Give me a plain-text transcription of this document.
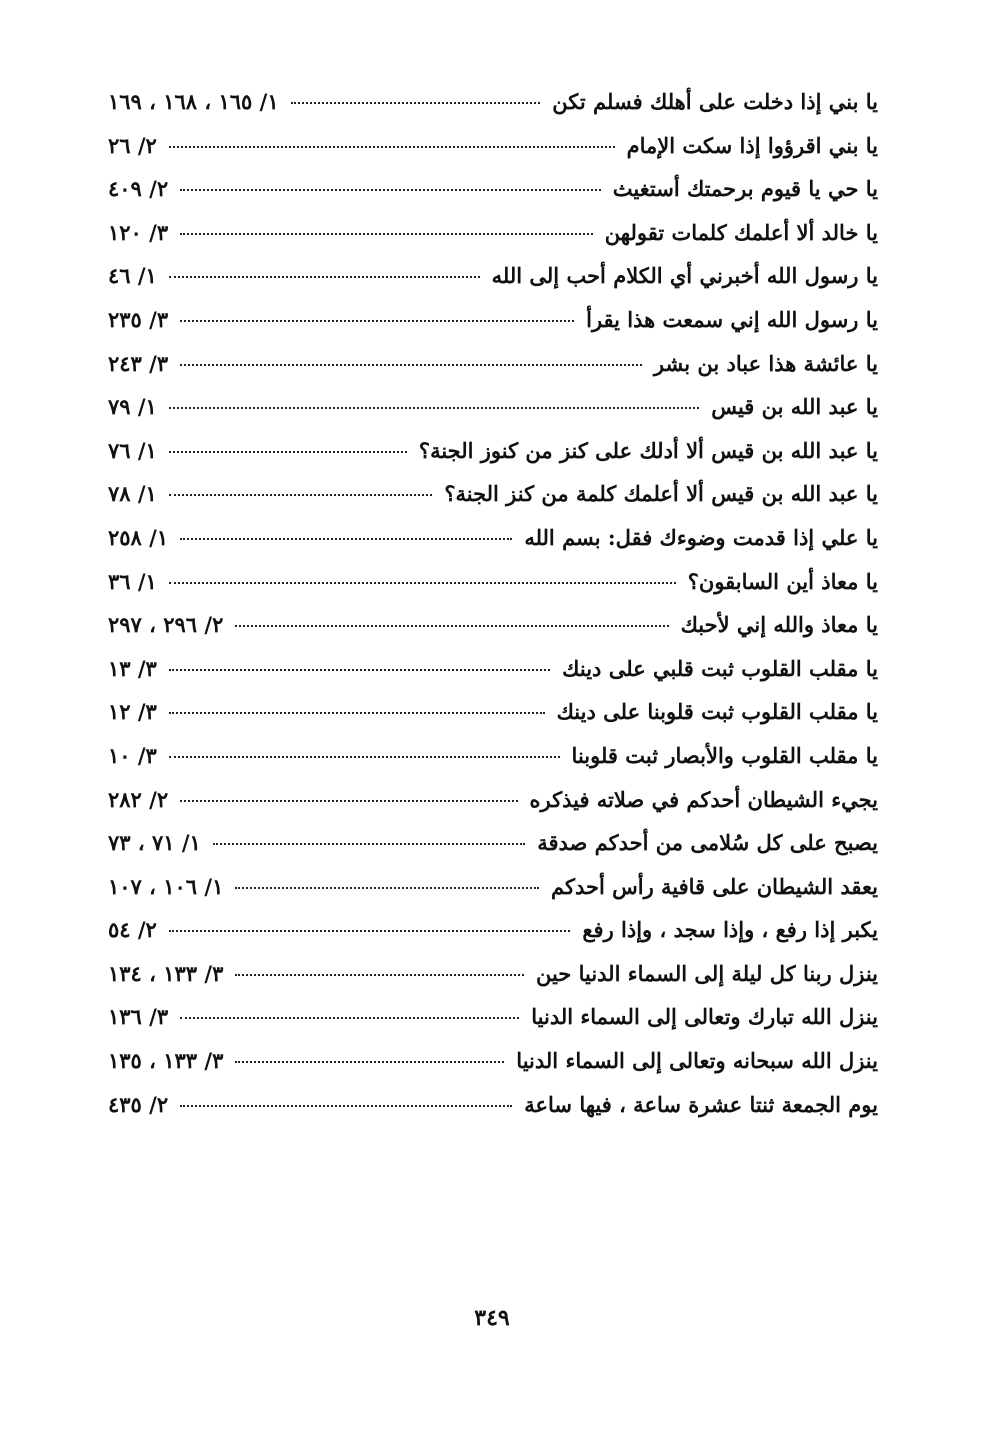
يا بني إذا دخلت على أهلك فسلم تكن
١/ ١٦٥ ، ١٦٨ ، ١٦٩
يا بني اقرؤوا إذا سكت الإمام
٢/ ٢٦
يا حي يا قيوم برحمتك أستغيث
٢/ ٤٠٩
يا خالد ألا أعلمك كلمات تقولهن
٣/ ١٢٠
يا رسول الله أخبرني أي الكلام أحب إلى الله
١/ ٤٦
يا رسول الله إني سمعت هذا يقرأ
٣/ ٢٣٥
يا عائشة هذا عباد بن بشر
٣/ ٢٤٣
يا عبد الله بن قيس
١/ ٧٩
يا عبد الله بن قيس ألا أدلك على كنز من كنوز الجنة؟
١/ ٧٦
يا عبد الله بن قيس ألا أعلمك كلمة من كنز الجنة؟
١/ ٧٨
يا علي إذا قدمت وضوءك فقل: بسم الله
١/ ٢٥٨
يا معاذ أين السابقون؟
١/ ٣٦
يا معاذ والله إني لأحبك
٢/ ٢٩٦ ، ٢٩٧
يا مقلب القلوب ثبت قلبي على دينك
٣/ ١٣
يا مقلب القلوب ثبت قلوبنا على دينك
٣/ ١٢
يا مقلب القلوب والأبصار ثبت قلوبنا
٣/ ١٠
يجيء الشيطان أحدكم في صلاته فيذكره
٢/ ٢٨٢
يصبح على كل سُلامى من أحدكم صدقة
١/ ٧١ ، ٧٣
يعقد الشيطان على قافية رأس أحدكم
١/ ١٠٦ ، ١٠٧
يكبر إذا رفع ، وإذا سجد ، وإذا رفع
٢/ ٥٤
ينزل ربنا كل ليلة إلى السماء الدنيا حين
٣/ ١٣٣ ، ١٣٤
ينزل الله تبارك وتعالى إلى السماء الدنيا
٣/ ١٣٦
ينزل الله سبحانه وتعالى إلى السماء الدنيا
٣/ ١٣٣ ، ١٣٥
يوم الجمعة ثنتا عشرة ساعة ، فيها ساعة
٢/ ٤٣٥
٣٤٩
